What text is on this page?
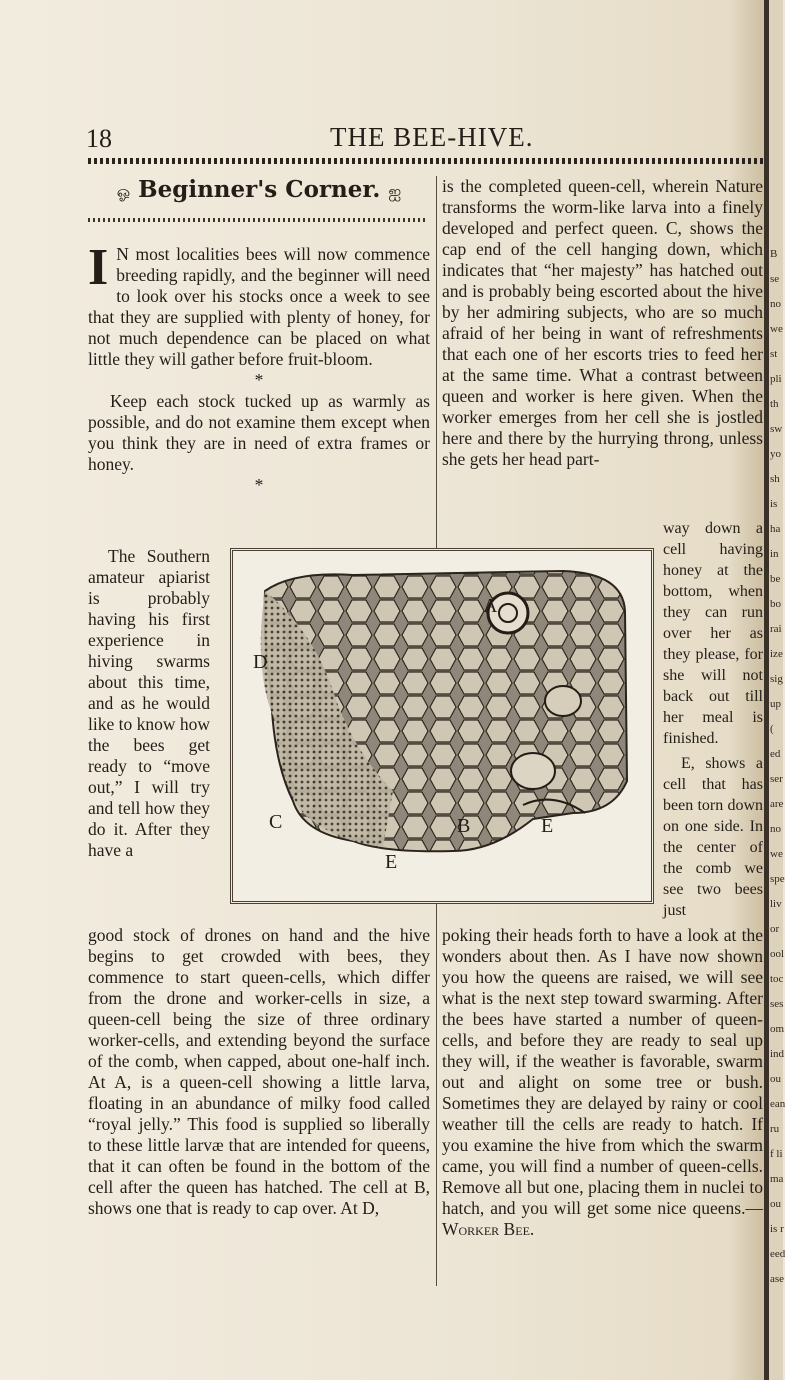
B
se
no
we
st
pli
th
sw
yo
sh
is
ha
in
be
bo
rai
ize
sig
up
(
ed
ser
are
no
we
spe
liv
or
ool
toc
ses
om
ind
ou
ean
ru
f li
ma
ou
is r
eed
ase
18	THE BEE-HIVE.
ஓ Beginner's Corner. ஐ

I N most localities bees will now commence breeding rapidly, and the beginner will need to look over his stocks once a week to see that they are supplied with plenty of honey, for not much dependence can be placed on what little they will gather before fruit-bloom.

*

Keep each stock tucked up as warmly as possible, and do not examine them except when you think they are in need of extra frames or honey.

*

The Southern amateur apiarist is probably having his first experience in hiving swarms about this time, and as he would like to know how the bees get ready to “move out,” I will try and tell how they do it. After they have a

A
B
C
D
E
E

is the completed queen-cell, wherein Nature transforms the worm-like larva into a finely developed and perfect queen. C, shows the cap end of the cell hanging down, which indicates that “her majesty” has hatched out and is probably being escorted about the hive by her admiring subjects, who are so much afraid of her being in want of refreshments that each one of her escorts tries to feed her at the same time. What a contrast between queen and worker is here given. When the worker emerges from her cell she is jostled here and there by the hurrying throng, unless she gets her head part-

way down a cell having honey at the bottom, when they can run over her as they please, for she will not back out till her meal is finished.

E, shows a cell that has been torn down on one side. In the center of the comb we see two bees just

good stock of drones on hand and the hive begins to get crowded with bees, they commence to start queen-cells, which differ from the drone and worker-cells in size, a queen-cell being the size of three ordinary worker-cells, and extending beyond the surface of the comb, when capped, about one-half inch. At A, is a queen-cell showing a little larva, floating in an abundance of milky food called “royal jelly.” This food is supplied so liberally to these little larvæ that are intended for queens, that it can often be found in the bottom of the cell after the queen has hatched. The cell at B, shows one that is ready to cap over. At D,

poking their heads forth to have a look at the wonders about then. As I have now shown you how the queens are raised, we will see what is the next step toward swarming. After the bees have started a number of queen-cells, and before they are ready to seal up they will, if the weather is favorable, swarm out and alight on some tree or bush. Sometimes they are delayed by rainy or cool weather till the cells are ready to hatch. If you examine the hive from which the swarm came, you will find a number of queen-cells. Remove all but one, placing them in nuclei to hatch, and you will get some nice queens.—Worker Bee.
